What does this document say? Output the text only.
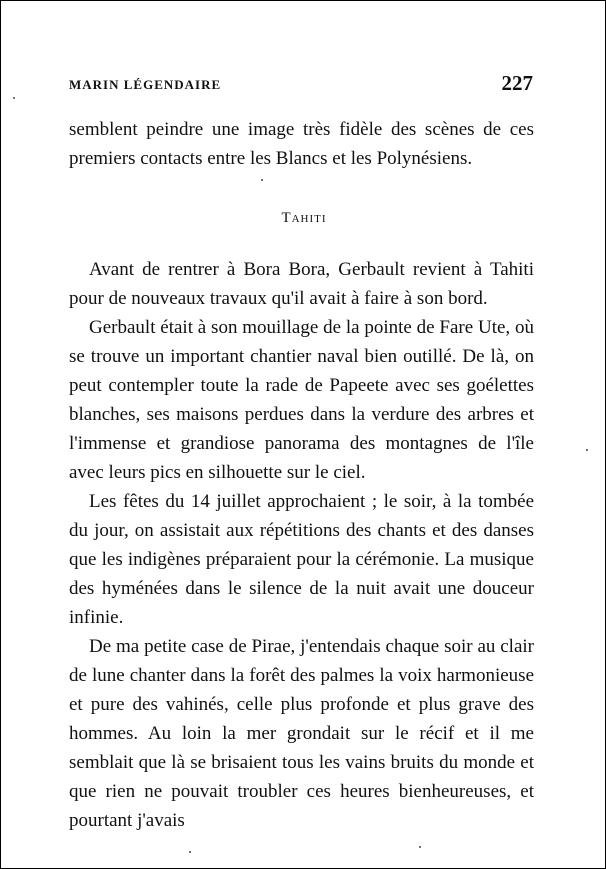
MARIN LÉGENDAIRE	227

semblent peindre une image très fidèle des scènes de ces premiers contacts entre les Blancs et les Polynésiens.

Tahiti

Avant de rentrer à Bora Bora, Gerbault revient à Tahiti pour de nouveaux travaux qu'il avait à faire à son bord.

Gerbault était à son mouillage de la pointe de Fare Ute, où se trouve un important chantier naval bien outillé. De là, on peut contempler toute la rade de Papeete avec ses goélettes blanches, ses maisons perdues dans la verdure des arbres et l'immense et grandiose panorama des montagnes de l'île avec leurs pics en silhouette sur le ciel.

Les fêtes du 14 juillet approchaient ; le soir, à la tombée du jour, on assistait aux répétitions des chants et des danses que les indigènes préparaient pour la cérémonie. La musique des hyménées dans le silence de la nuit avait une douceur infinie.

De ma petite case de Pirae, j'entendais chaque soir au clair de lune chanter dans la forêt des palmes la voix harmonieuse et pure des vahinés, celle plus profonde et plus grave des hommes. Au loin la mer grondait sur le récif et il me semblait que là se brisaient tous les vains bruits du monde et que rien ne pouvait troubler ces heures bienheureuses, et pourtant j'avais
